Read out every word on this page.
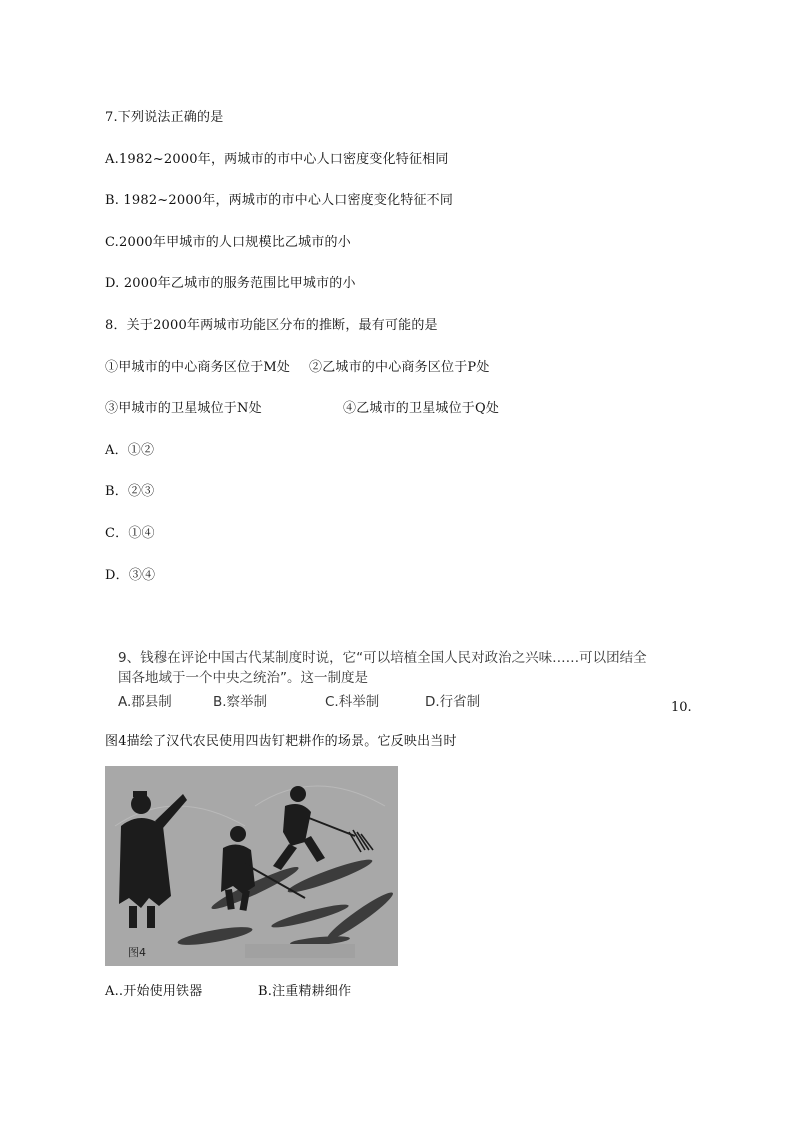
7.下列说法正确的是
A.1982~2000年，两城市的市中心人口密度变化特征相同
B. 1982~2000年，两城市的市中心人口密度变化特征不同
C.2000年甲城市的人口规模比乙城市的小
D. 2000年乙城市的服务范围比甲城市的小
8．关于2000年两城市功能区分布的推断，最有可能的是
①甲城市的中心商务区位于M处 ②乙城市的中心商务区位于P处
③甲城市的卫星城位于N处	④乙城市的卫星城位于Q处
A．①②
B．②③
C．①④
D．③④
9、钱穆在评论中国古代某制度时说，它“可以培植全国人民对政治之兴味……可以团结全
国各地域于一个中央之统治”。这一制度是
A.郡县制	B.察举制	C.科举制	D.行省制	10.
图4描绘了汉代农民使用四齿钉耙耕作的场景。它反映出当时
图4
A..开始使用铁器	B.注重精耕细作
